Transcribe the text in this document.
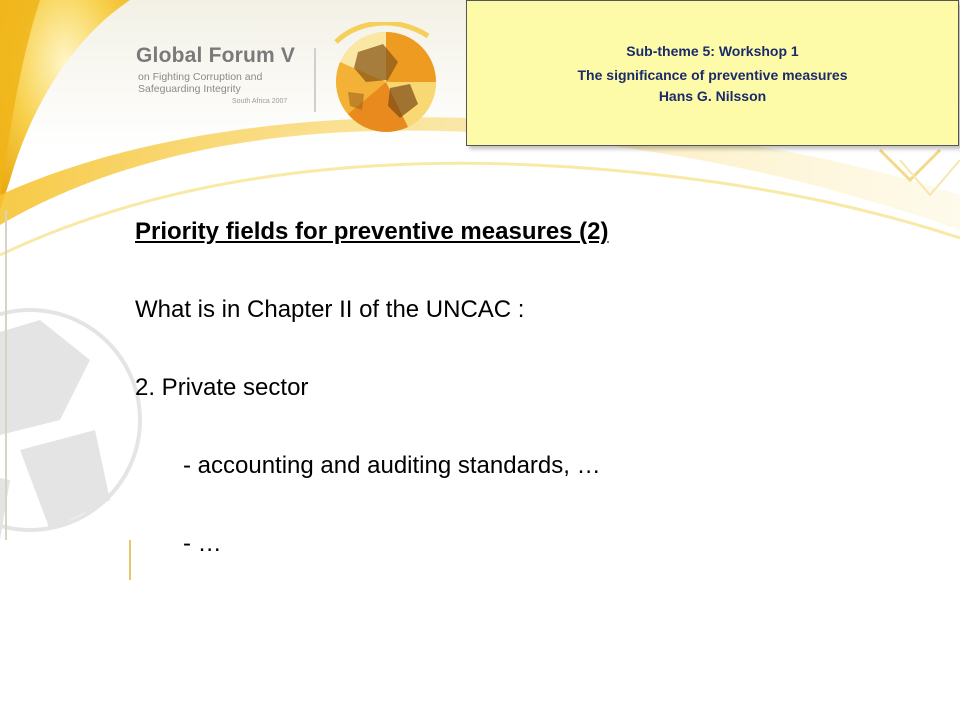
Global Forum V
on Fighting Corruption and
Safeguarding Integrity
South Africa 2007
Sub-theme 5: Workshop 1
The significance of preventive measures
Hans G. Nilsson
Priority fields for preventive measures (2)
What is in Chapter II of the UNCAC :
2. Private sector
- accounting and auditing standards, …
- …
